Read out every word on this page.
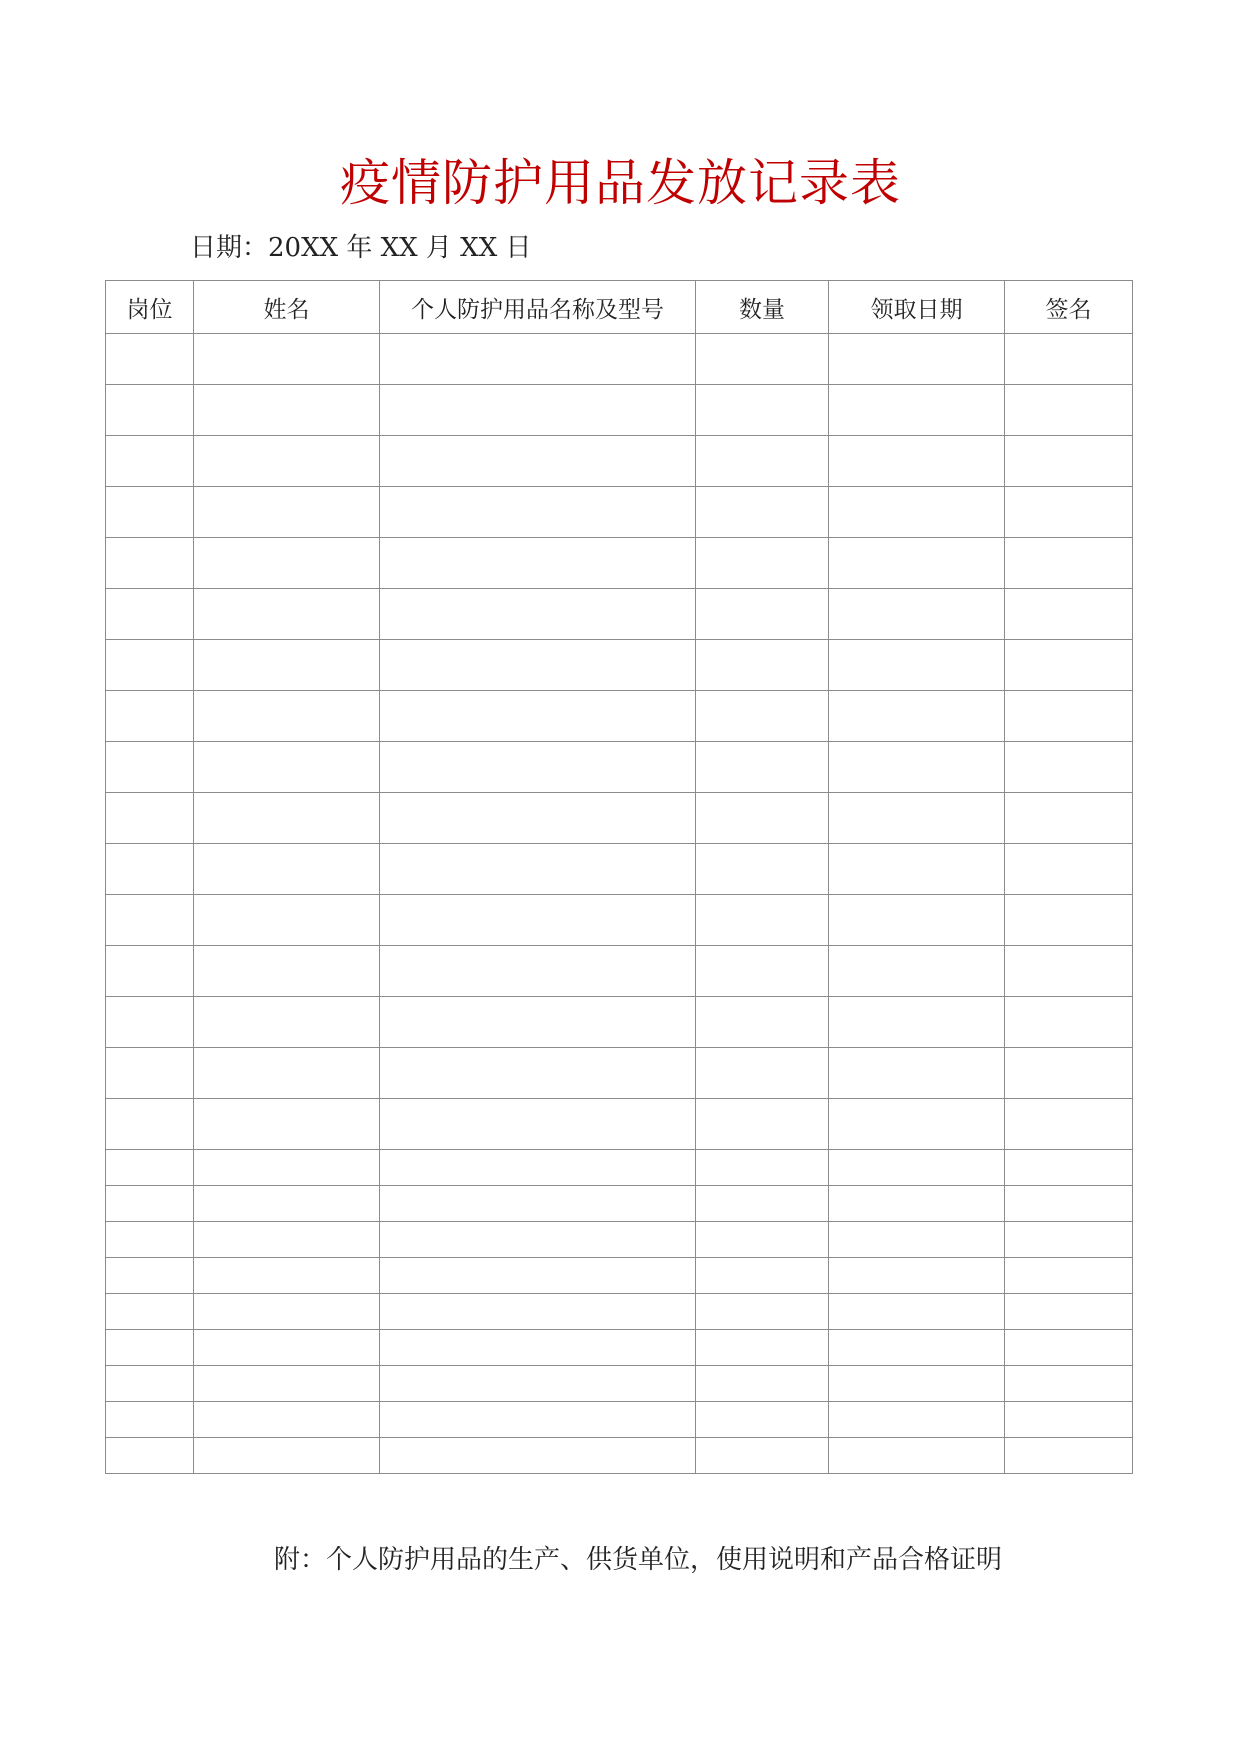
疫情防护用品发放记录表
日期：20XX 年 XX 月 XX 日
岗位	姓名	个人防护用品名称及型号	数量	领取日期	签名

附：个人防护用品的生产、供货单位，使用说明和产品合格证明
